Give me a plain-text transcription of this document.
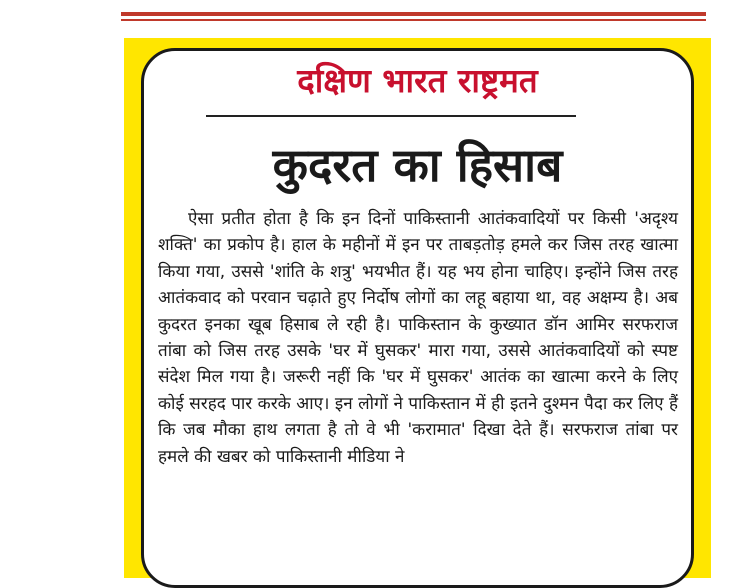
दक्षिण भारत राष्ट्रमत
कुदरत का हिसाब

ऐसा प्रतीत होता है कि इन दिनों पाकिस्तानी आतंकवादियों पर किसी 'अदृश्य शक्ति' का प्रकोप है। हाल के महीनों में इन पर ताबड़तोड़ हमले कर जिस तरह खात्मा किया गया, उससे 'शांति के शत्रु' भयभीत हैं। यह भय होना चाहिए। इन्होंने जिस तरह आतंकवाद को परवान चढ़ाते हुए निर्दोष लोगों का लहू बहाया था, वह अक्षम्य है। अब कुदरत इनका खूब हिसाब ले रही है। पाकिस्तान के कुख्यात डॉन आमिर सरफराज तांबा को जिस तरह उसके 'घर में घुसकर' मारा गया, उससे आतंकवादियों को स्पष्ट संदेश मिल गया है। जरूरी नहीं कि 'घर में घुसकर' आतंक का खात्मा करने के लिए कोई सरहद पार करके आए। इन लोगों ने पाकिस्तान में ही इतने दुश्मन पैदा कर लिए हैं कि जब मौका हाथ लगता है तो वे भी 'करामात' दिखा देते हैं। सरफराज तांबा पर हमले की खबर को पाकिस्तानी मीडिया ने
